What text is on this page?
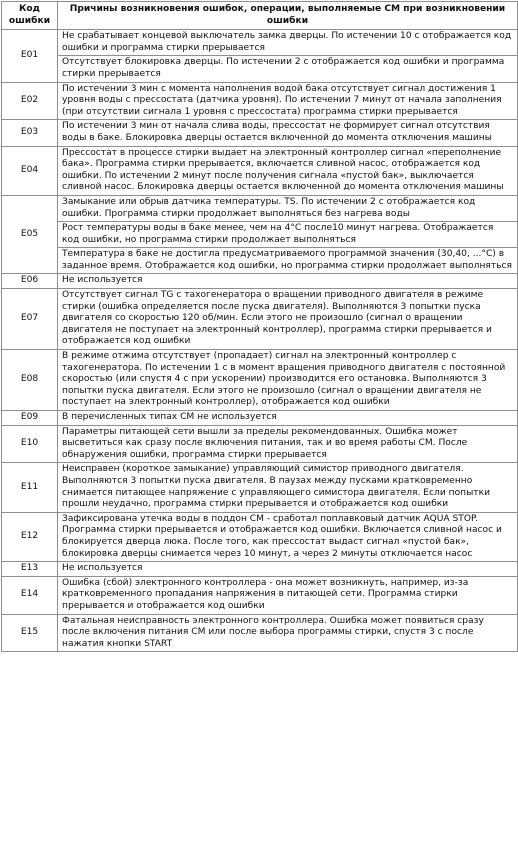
Код ошибки	Причины возникновения ошибок, операции, выполняемые СМ при возникновении ошибки
E01	Не срабатывает концевой выключатель замка дверцы. По истечении 10 с отображается код ошибки и программа стирки прерывается
	Отсутствует блокировка дверцы. По истечении 2 с отображается код ошибки и программа стирки прерывается
E02	По истечении 3 мин с момента наполнения водой бака отсутствует сигнал достижения 1 уровня воды с прессостата (датчика уровня). По истечении 7 минут от начала заполнения (при отсутствии сигнала 1 уровня с прессостата) программа стирки прерывается
E03	По истечении 3 мин от начала слива воды, прессостат не формирует сигнал отсутствия воды в баке. Блокировка дверцы остается включенной до момента отключения машины
E04	Прессостат в процессе стирки выдает на электронный контроллер сигнал «переполнение бака». Программа стирки прерывается, включается сливной насос, отображается код ошибки. По истечении 2 минут после получения сигнала «пустой бак», выключается сливной насос. Блокировка дверцы остается включенной до момента отключения машины
E05	Замыкание или обрыв датчика температуры. TS. По истечении 2 с отображается код ошибки. Программа стирки продолжает выполняться без нагрева воды
	Рост температуры воды в баке менее, чем на 4°С после10 минут нагрева. Отображается код ошибки, но программа стирки продолжает выполняться
	Температура в баке не достигла предусматриваемого программой значения (30,40, ...°С) в заданное время. Отображается код ошибки, но программа стирки продолжает выполняться
E06	Не используется
E07	Отсутствует сигнал TG с тахогенератора о вращении приводного двигателя в режиме стирки (ошибка определяется после пуска двигателя). Выполняются 3 попытки пуска двигателя со скоростью 120 об/мин. Если этого не произошло (сигнал о вращении двигателя не поступает на электронный контроллер), программа стирки прерывается и отображается код ошибки
E08	В режиме отжима отсутствует (пропадает) сигнал на электронный контроллер с тахогенератора. По истечении 1 с в момент вращения приводного двигателя с постоянной скоростью (или спустя 4 с при ускорении) производится его остановка. Выполняются 3 попытки пуска двигателя. Если этого не произошло (сигнал о вращении двигателя не поступает на электронный контроллер), отображается код ошибки
E09	В перечисленных типах СМ не используется
E10	Параметры питающей сети вышли за пределы рекомендованных. Ошибка может высветиться как сразу после включения питания, так и во время работы СМ. После обнаружения ошибки, программа стирки прерывается
E11	Неисправен (короткое замыкание) управляющий симистор приводного двигателя. Выполняются 3 попытки пуска двигателя. В паузах между пусками кратковременно снимается питающее напряжение с управляющего симистора двигателя. Если попытки прошли неудачно, программа стирки прерывается и отображается код ошибки
E12	Зафиксирована утечка воды в поддон СМ - сработал поплавковый датчик AQUA STOP. Программа стирки прерывается и отображается код ошибки. Включается сливной насос и блокируется дверца люка. После того, как прессостат выдаст сигнал «пустой бак», блокировка дверцы снимается через 10 минут, а через 2 минуты отключается насос
E13	Не используется
E14	Ошибка (сбой) электронного контроллера - она может возникнуть, например, из-за кратковременного пропадания напряжения в питающей сети. Программа стирки прерывается и отображается код ошибки
E15	Фатальная неисправность электронного контроллера. Ошибка может появиться сразу после включения питания СМ или после выбора программы стирки, спустя 3 с после нажатия кнопки START
